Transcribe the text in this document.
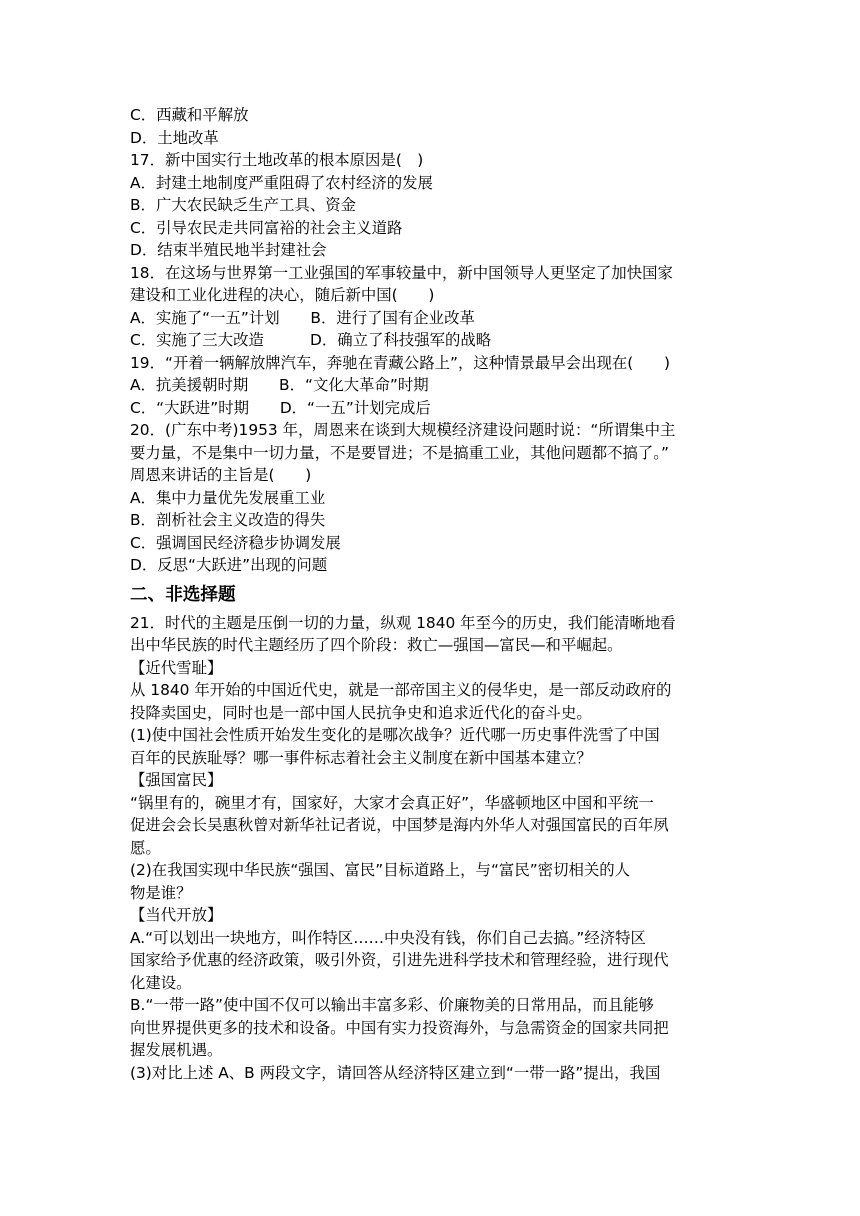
C．西藏和平解放

D．土地改革

17．新中国实行土地改革的根本原因是(　)

A．封建土地制度严重阻碍了农村经济的发展

B．广大农民缺乏生产工具、资金

C．引导农民走共同富裕的社会主义道路

D．结束半殖民地半封建社会

18．在这场与世界第一工业强国的军事较量中，新中国领导人更坚定了加快国家

建设和工业化进程的决心，随后新中国(　　)

A．实施了“一五”计划　　B．进行了国有企业改革

C．实施了三大改造　　　D．确立了科技强军的战略

19．“开着一辆解放牌汽车，奔驰在青藏公路上”，这种情景最早会出现在(　　)

A．抗美援朝时期　　B．“文化大革命”时期

C．“大跃进”时期　　D．“一五”计划完成后

20．(广东中考)1953 年，周恩来在谈到大规模经济建设问题时说：“所谓集中主

要力量，不是集中一切力量，不是要冒进；不是搞重工业，其他问题都不搞了。”

周恩来讲话的主旨是(　　)

A．集中力量优先发展重工业

B．剖析社会主义改造的得失

C．强调国民经济稳步协调发展

D．反思“大跃进”出现的问题

二、非选择题

21．时代的主题是压倒一切的力量，纵观 1840 年至今的历史，我们能清晰地看

出中华民族的时代主题经历了四个阶段：救亡—强国—富民—和平崛起。

【近代雪耻】

从 1840 年开始的中国近代史，就是一部帝国主义的侵华史，是一部反动政府的

投降卖国史，同时也是一部中国人民抗争史和追求近代化的奋斗史。

(1)使中国社会性质开始发生变化的是哪次战争？近代哪一历史事件洗雪了中国

百年的民族耻辱？哪一事件标志着社会主义制度在新中国基本建立？

【强国富民】

“锅里有的，碗里才有，国家好，大家才会真正好”，华盛顿地区中国和平统一

促进会会长吴惠秋曾对新华社记者说，中国梦是海内外华人对强国富民的百年夙

愿。

(2)在我国实现中华民族“强国、富民”目标道路上，与“富民”密切相关的人

物是谁？

【当代开放】

A.“可以划出一块地方，叫作特区……中央没有钱，你们自己去搞。”经济特区

国家给予优惠的经济政策，吸引外资，引进先进科学技术和管理经验，进行现代

化建设。

B.“一带一路”使中国不仅可以输出丰富多彩、价廉物美的日常用品，而且能够

向世界提供更多的技术和设备。中国有实力投资海外，与急需资金的国家共同把

握发展机遇。

(3)对比上述 A、B 两段文字，请回答从经济特区建立到“一带一路”提出，我国
